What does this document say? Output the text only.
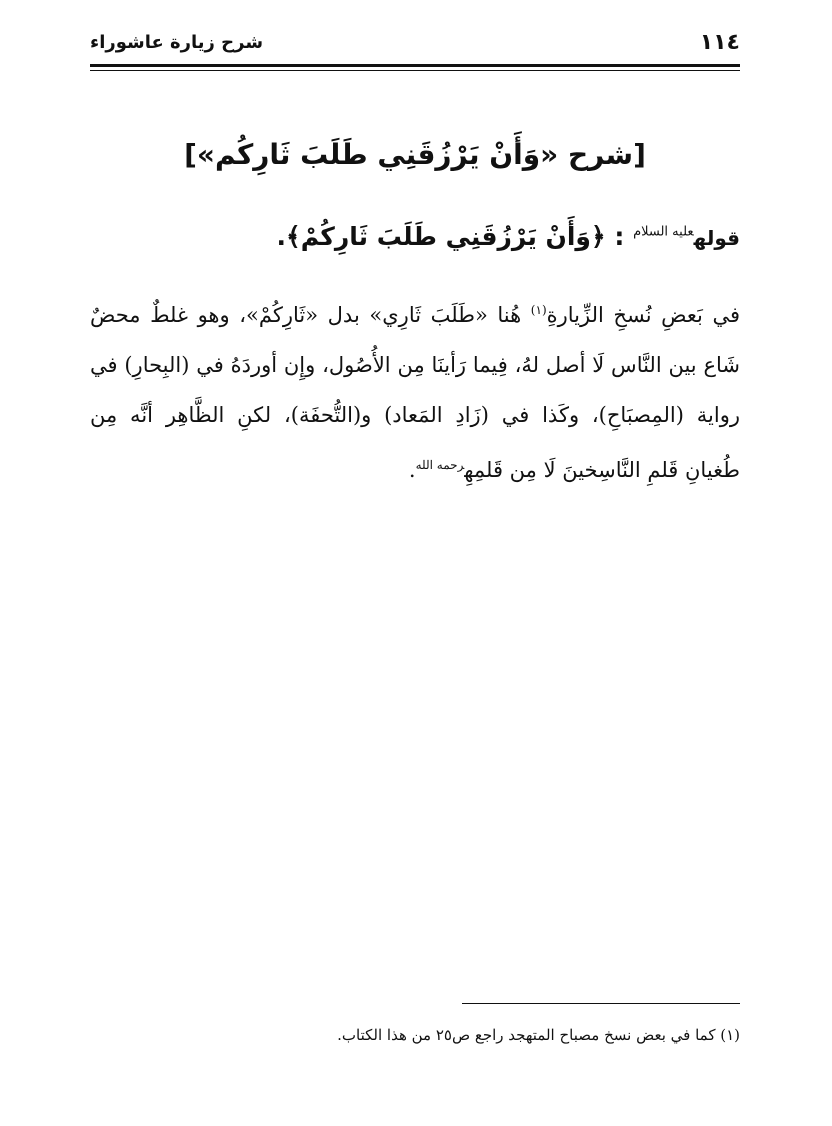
١١٤
شرح زيارة عاشوراء
[شرح «وَأَنْ يَرْزُقَنِي طَلَبَ ثَارِكُم»]
قوله$^{عليه السلام}$ : ﴿وَأَنْ يَرْزُقَنِي طَلَبَ ثَارِكُمْ﴾.
في بَعضِ نُسخِ الزِّيارةِ$^{(١)}$ هُنا «طَلَبَ ثَارِي» بدل «ثَارِكُمْ»، وهو غلطٌ محضٌ شَاع بين النَّاس لَا أصل لهُ، فِيما رَأينَا مِن الأُصُول، وإِن أوردَهُ في (البِحارِ) في رواية (المِصبَاحِ)، وكَذا في (زَادِ المَعاد) و(التُّحفَة)، لكنِ الظَّاهِر أنَّه مِن طُغيانِ قَلمِ النَّاسِخينَ لَا مِن قَلمِهِ$^{رحمه الله}$.
(١) كما في بعض نسخ مصباح المتهجد راجع ص٢٥ من هذا الكتاب.
